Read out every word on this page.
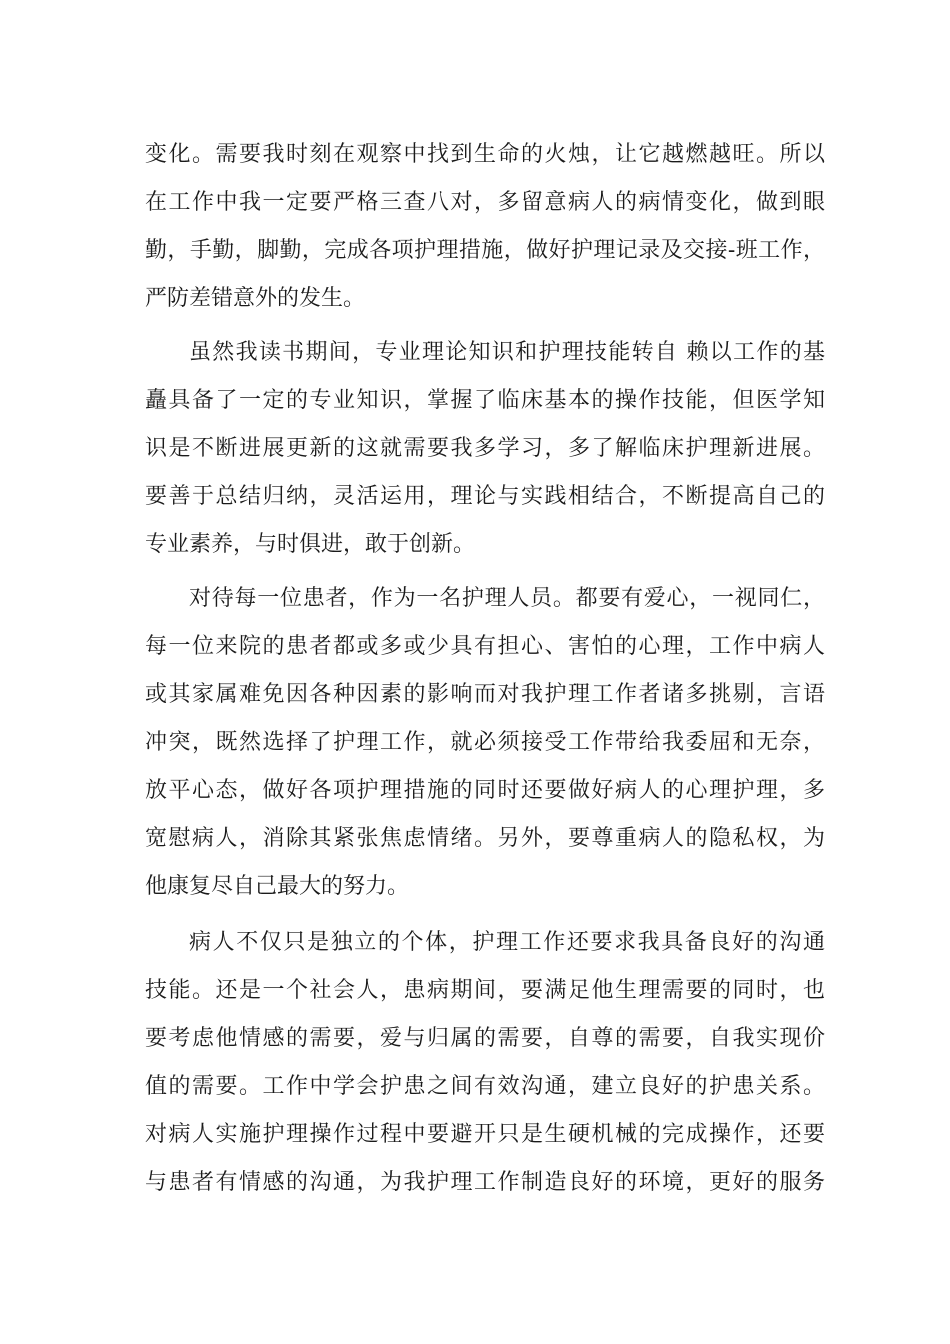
变化。需要我时刻在观察中找到生命的火烛，让它越燃越旺。所以
在工作中我一定要严格三查八对，多留意病人的病情变化，做到眼
勤，手勤，脚勤，完成各项护理措施，做好护理记录及交接-班工作，
严防差错意外的发生。
虽然我读书期间，专业理论知识和护理技能转自 赖以工作的基
矗具备了一定的专业知识，掌握了临床基本的操作技能，但医学知
识是不断进展更新的这就需要我多学习，多了解临床护理新进展。
要善于总结归纳，灵活运用，理论与实践相结合，不断提高自己的
专业素养，与时俱进，敢于创新。
对待每一位患者，作为一名护理人员。都要有爱心，一视同仁，
每一位来院的患者都或多或少具有担心、害怕的心理，工作中病人
或其家属难免因各种因素的影响而对我护理工作者诸多挑剔，言语
冲突，既然选择了护理工作，就必须接受工作带给我委屈和无奈，
放平心态，做好各项护理措施的同时还要做好病人的心理护理，多
宽慰病人，消除其紧张焦虑情绪。另外，要尊重病人的隐私权，为
他康复尽自己最大的努力。
病人不仅只是独立的个体，护理工作还要求我具备良好的沟通
技能。还是一个社会人，患病期间，要满足他生理需要的同时，也
要考虑他情感的需要，爱与归属的需要，自尊的需要，自我实现价
值的需要。工作中学会护患之间有效沟通，建立良好的护患关系。
对病人实施护理操作过程中要避开只是生硬机械的完成操作，还要
与患者有情感的沟通，为我护理工作制造良好的环境，更好的服务
